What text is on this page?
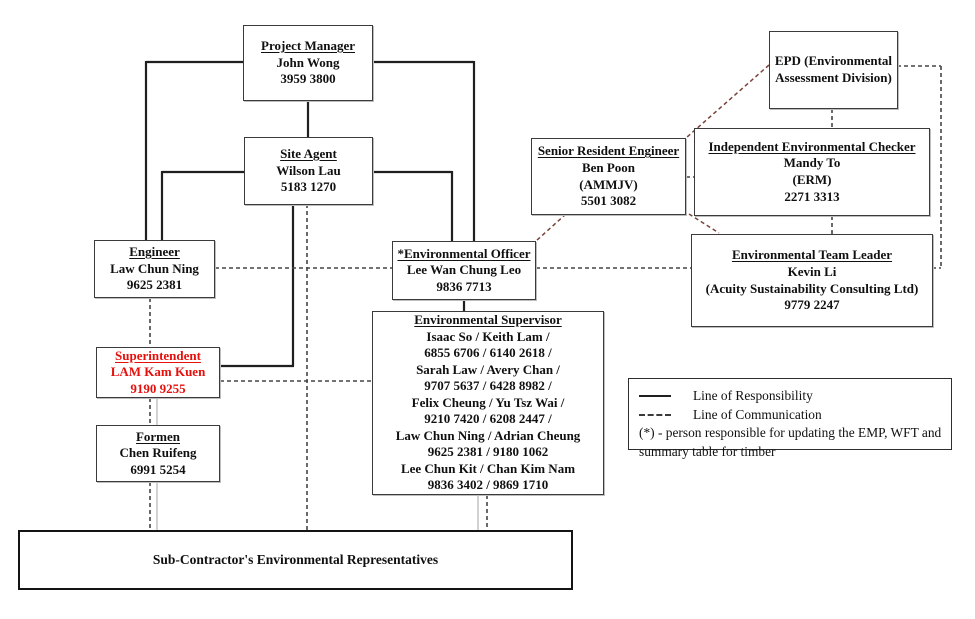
Project Manager
John Wong
3959 3800
Site Agent
Wilson Lau
5183 1270
EPD (Environmental
Assessment Division)
Senior Resident Engineer
Ben Poon
(AMMJV)
5501 3082
Independent Environmental Checker
Mandy To
(ERM)
2271 3313
Engineer
Law Chun Ning
9625 2381
*Environmental Officer
Lee Wan Chung Leo
9836 7713
Environmental Team Leader
Kevin Li
(Acuity Sustainability Consulting Ltd)
9779 2247
Superintendent
LAM Kam Kuen
9190 9255
Environmental Supervisor
Isaac So / Keith Lam /
6855 6706 / 6140 2618 /
Sarah Law / Avery Chan /
9707 5637 / 6428 8982 /
Felix Cheung / Yu Tsz Wai /
9210 7420 / 6208 2447 /
Law Chun Ning / Adrian Cheung
9625 2381 / 9180 1062
Lee Chun Kit / Chan Kim Nam
9836 3402 / 9869 1710
Formen
Chen Ruifeng
6991 5254
Sub-Contractor's Environmental Representatives
Line of Responsibility
Line of Communication
(*) - person responsible for updating the EMP, WFT and
summary table for timber
